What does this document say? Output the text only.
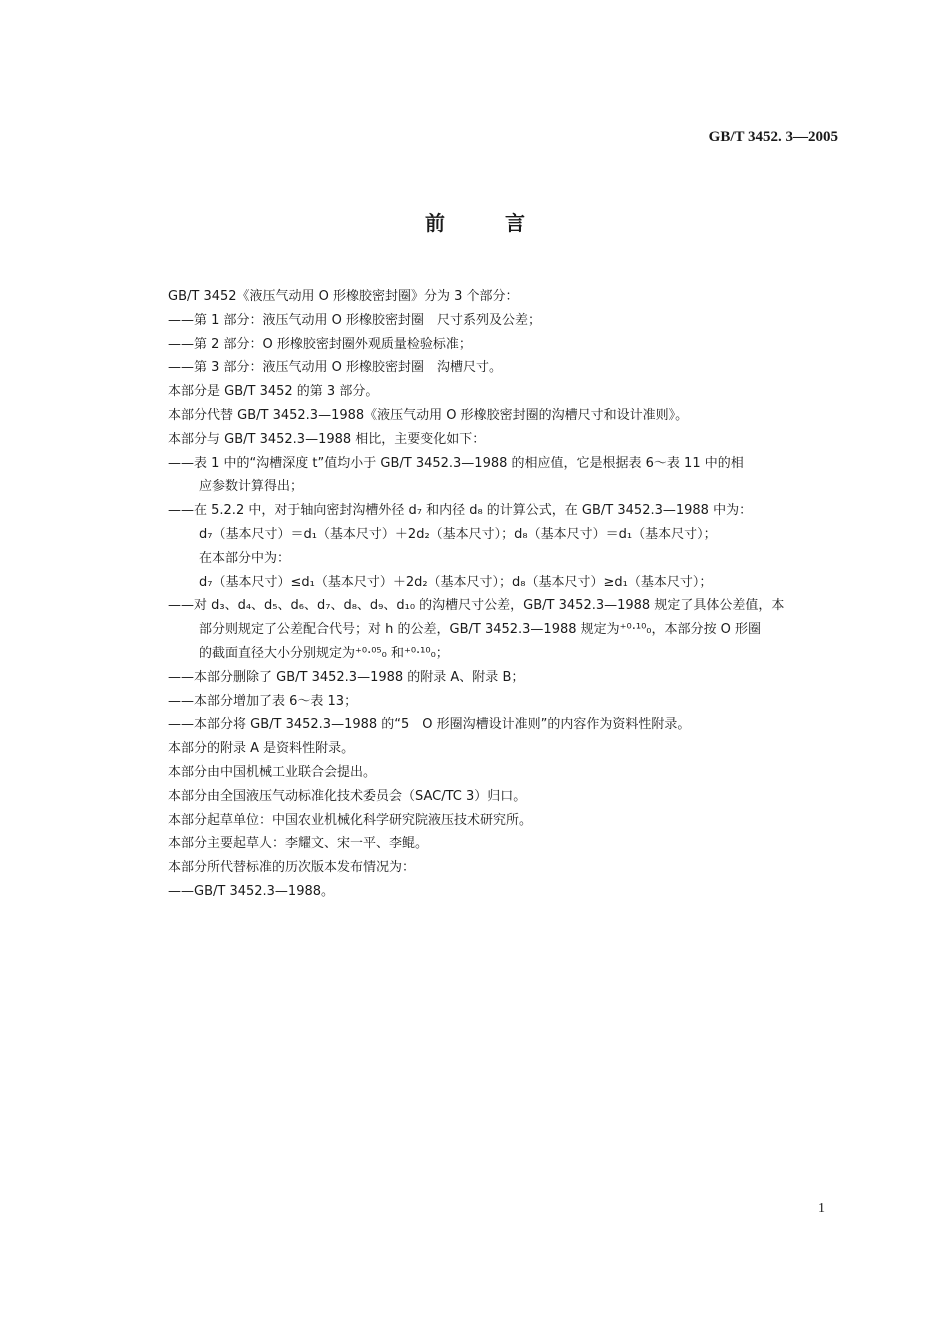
GB/T 3452. 3—2005
前言
GB/T 3452《液压气动用 O 形橡胶密封圈》分为 3 个部分：
——第 1 部分：液压气动用 O 形橡胶密封圈　尺寸系列及公差；
——第 2 部分：O 形橡胶密封圈外观质量检验标准；
——第 3 部分：液压气动用 O 形橡胶密封圈　沟槽尺寸。
本部分是 GB/T 3452 的第 3 部分。
本部分代替 GB/T 3452.3—1988《液压气动用 O 形橡胶密封圈的沟槽尺寸和设计准则》。
本部分与 GB/T 3452.3—1988 相比，主要变化如下：
——表 1 中的“沟槽深度 t”值均小于 GB/T 3452.3—1988 的相应值，它是根据表 6～表 11 中的相
应参数计算得出；
——在 5.2.2 中，对于轴向密封沟槽外径 d₇ 和内径 d₈ 的计算公式，在 GB/T 3452.3—1988 中为：
d₇（基本尺寸）＝d₁（基本尺寸）＋2d₂（基本尺寸）；d₈（基本尺寸）＝d₁（基本尺寸）；
在本部分中为：
d₇（基本尺寸）≤d₁（基本尺寸）＋2d₂（基本尺寸）；d₈（基本尺寸）≥d₁（基本尺寸）；
——对 d₃、d₄、d₅、d₆、d₇、d₈、d₉、d₁₀ 的沟槽尺寸公差，GB/T 3452.3—1988 规定了具体公差值，本
部分则规定了公差配合代号；对 h 的公差，GB/T 3452.3—1988 规定为⁺⁰·¹⁰₀，本部分按 O 形圈
的截面直径大小分别规定为⁺⁰·⁰⁵₀ 和⁺⁰·¹⁰₀；
——本部分删除了 GB/T 3452.3—1988 的附录 A、附录 B；
——本部分增加了表 6～表 13；
——本部分将 GB/T 3452.3—1988 的“5　O 形圈沟槽设计准则”的内容作为资料性附录。
本部分的附录 A 是资料性附录。
本部分由中国机械工业联合会提出。
本部分由全国液压气动标准化技术委员会（SAC/TC 3）归口。
本部分起草单位：中国农业机械化科学研究院液压技术研究所。
本部分主要起草人：李耀文、宋一平、李鲲。
本部分所代替标准的历次版本发布情况为：
——GB/T 3452.3—1988。
1
